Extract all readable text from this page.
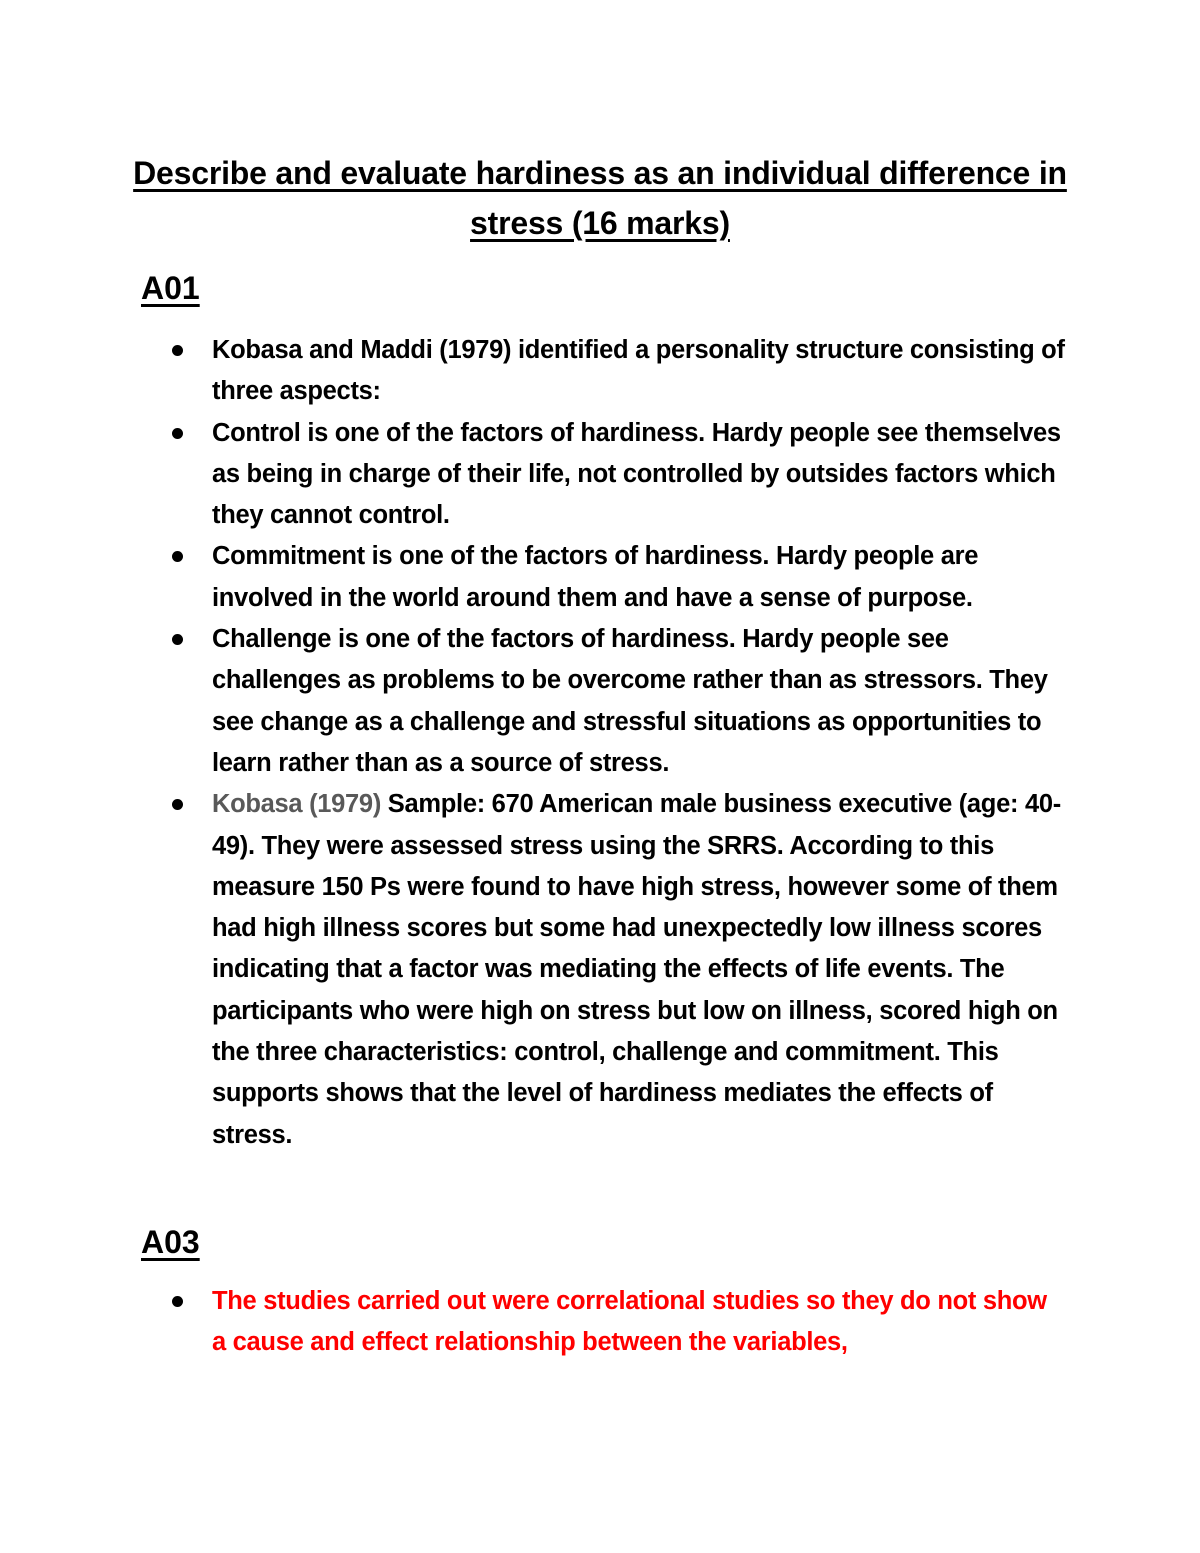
Describe and evaluate hardiness as an individual difference in stress (16 marks)
A01
Kobasa and Maddi (1979) identified a personality structure consisting of three aspects:
Control is one of the factors of hardiness. Hardy people see themselves as being in charge of their life, not controlled by outsides factors which they cannot control.
Commitment is one of the factors of hardiness. Hardy people are involved in the world around them and have a sense of purpose.
Challenge is one of the factors of hardiness. Hardy people see challenges as problems to be overcome rather than as stressors. They see change as a challenge and stressful situations as opportunities to learn rather than as a source of stress.
Kobasa (1979) Sample: 670 American male business executive (age: 40-49). They were assessed stress using the SRRS. According to this measure 150 Ps were found to have high stress, however some of them had high illness scores but some had unexpectedly low illness scores indicating that a factor was mediating the effects of life events. The participants who were high on stress but low on illness, scored high on the three characteristics: control, challenge and commitment. This supports shows that the level of hardiness mediates the effects of stress.
A03
The studies carried out were correlational studies so they do not show a cause and effect relationship between the variables,
